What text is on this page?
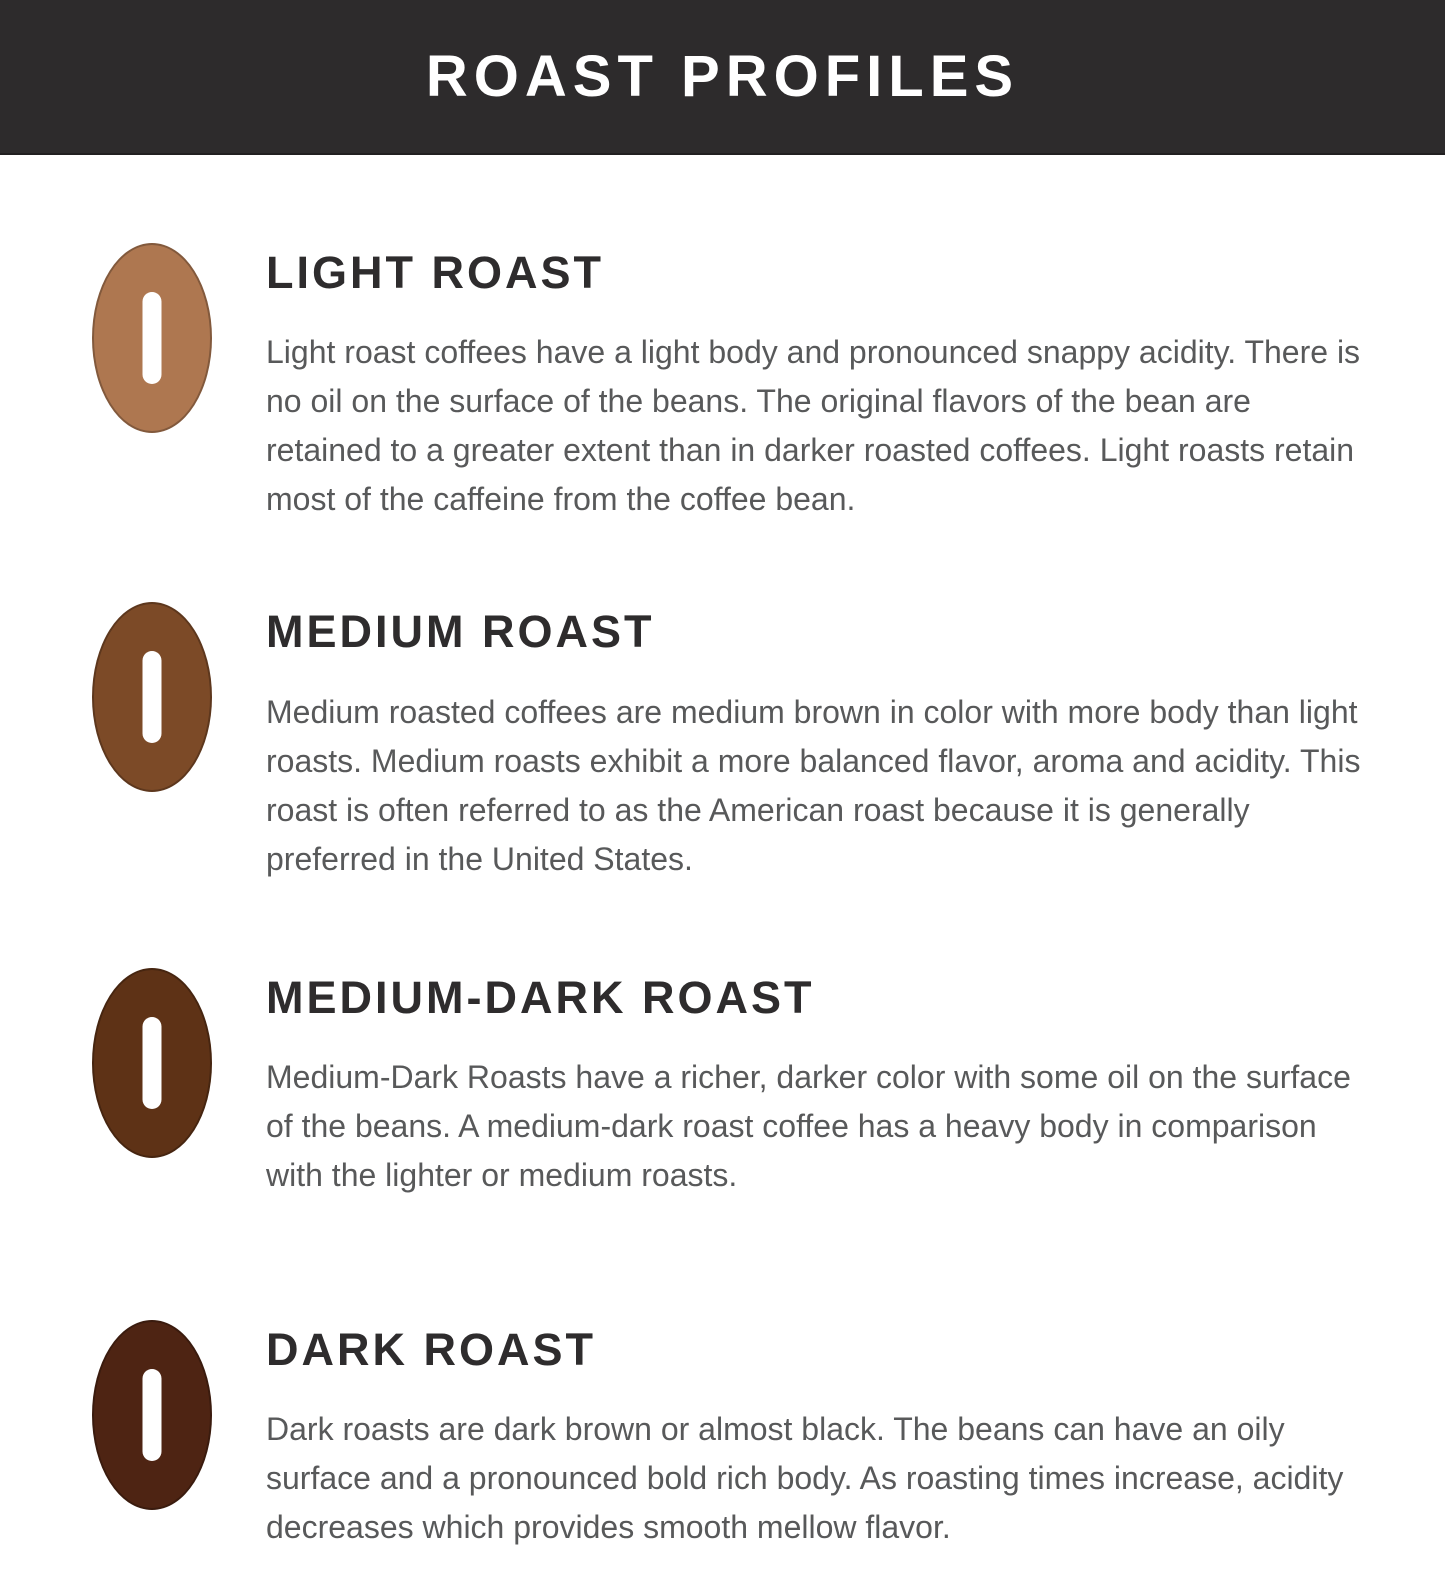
ROAST PROFILES
LIGHT ROAST

Light roast coffees have a light body and pronounced snappy acidity. There is no oil on the surface of the beans. The original flavors of the bean are retained to a greater extent than in darker roasted coffees. Light roasts retain most of the caffeine from the coffee bean.

MEDIUM ROAST

Medium roasted coffees are medium brown in color with more body than light roasts. Medium roasts exhibit a more balanced flavor, aroma and acidity. This roast is often referred to as the American roast because it is generally preferred in the United States.

MEDIUM-DARK ROAST

Medium-Dark Roasts have a richer, darker color with some oil on the surface of the beans. A medium-dark roast coffee has a heavy body in comparison with the lighter or medium roasts.

DARK ROAST

Dark roasts are dark brown or almost black. The beans can have an oily surface and a pronounced bold rich body. As roasting times increase, acidity decreases which provides smooth mellow flavor.
